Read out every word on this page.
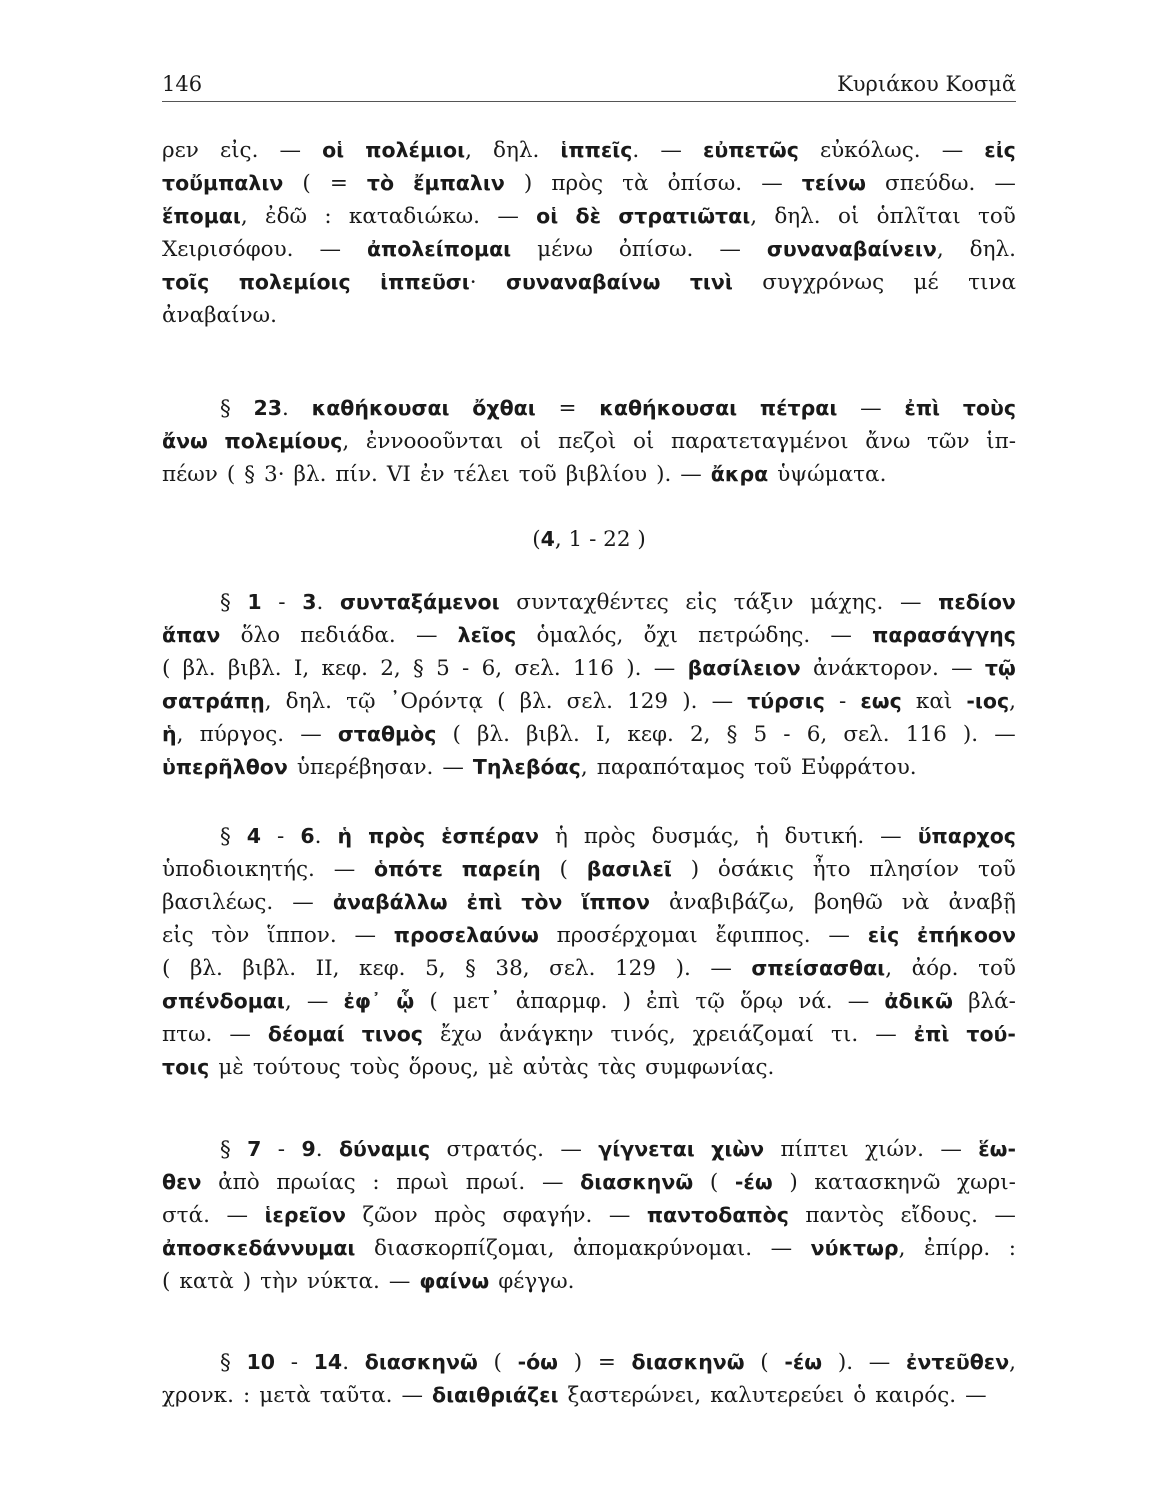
146	Κυριάκου Κοσμᾶ
ρεν εἰς. — οἱ πολέμιοι, δηλ. ἱππεῖς. — εὐπετῶς εὐκόλως. — εἰς
τοὔμπαλιν ( = τὸ ἔμπαλιν ) πρὸς τὰ ὀπίσω. — τείνω σπεύδω. —
ἕπομαι, ἐδῶ : καταδιώκω. — οἱ δὲ στρατιῶται, δηλ. οἱ ὁπλῖται τοῦ
Χειρισόφου. — ἀπολείπομαι μένω ὀπίσω. — συναναβαίνειν, δηλ.
τοῖς πολεμίοις ἱππεῦσι· συναναβαίνω τινὶ συγχρόνως μέ τινα
ἀναβαίνω.
§ 23. καθήκουσαι ὄχθαι = καθήκουσαι πέτραι — ἐπὶ τοὺς
ἄνω πολεμίους, ἐννοοοῦνται οἱ πεζοὶ οἱ παρατεταγμένοι ἄνω τῶν ἱπ-
πέων ( § 3· βλ. πίν. VI ἐν τέλει τοῦ βιβλίου ). — ἄκρα ὑψώματα.
( 4 , 1 - 22 )
§ 1 - 3. συνταξάμενοι συνταχθέντες εἰς τάξιν μάχης. — πεδίον
ἅπαν ὅλο πεδιάδα. — λεῖος ὁμαλός, ὄχι πετρώδης. — παρασάγγης
( βλ. βιβλ. I, κεφ. 2, § 5 - 6, σελ. 116 ). — βασίλειον ἀνάκτορον. — τῷ
σατράπῃ, δηλ. τῷ ᾿Ορόντᾳ ( βλ. σελ. 129 ). — τύρσις - εως καὶ -ιος,
ἡ, πύργος. — σταθμὸς ( βλ. βιβλ. I, κεφ. 2, § 5 - 6, σελ. 116 ). —
ὑπερῆλθον ὑπερέβησαν. — Τηλεβόας, παραπόταμος τοῦ Εὐφράτου.
§ 4 - 6. ἡ πρὸς ἑσπέραν ἡ πρὸς δυσμάς, ἡ δυτική. — ὕπαρχος
ὑποδιοικητής. — ὁπότε παρείη ( βασιλεῖ ) ὁσάκις ἦτο πλησίον τοῦ
βασιλέως. — ἀναβάλλω ἐπὶ τὸν ἵππον ἀναβιβάζω, βοηθῶ νὰ ἀναβῇ
εἰς τὸν ἵππον. — προσελαύνω προσέρχομαι ἔφιππος. — εἰς ἐπήκοον
( βλ. βιβλ. II, κεφ. 5, § 38, σελ. 129 ). — σπείσασθαι, ἀόρ. τοῦ
σπένδομαι, — ἐφ᾽ ᾧ ( μετ᾽ ἀπαρμφ. ) ἐπὶ τῷ ὅρῳ νά. — ἀδικῶ βλά-
πτω. — δέομαί τινος ἔχω ἀνάγκην τινός, χρειάζομαί τι. — ἐπὶ τού-
τοις μὲ τούτους τοὺς ὅρους, μὲ αὐτὰς τὰς συμφωνίας.
§ 7 - 9. δύναμις στρατός. — γίγνεται χιὼν πίπτει χιών. — ἕω-
θεν ἀπὸ πρωίας : πρωὶ πρωί. — διασκηνῶ ( -έω ) κατασκηνῶ χωρι-
στά. — ἱερεῖον ζῶον πρὸς σφαγήν. — παντοδαπὸς παντὸς εἴδους. —
ἀποσκεδάννυμαι διασκορπίζομαι, ἀπομακρύνομαι. — νύκτωρ, ἐπίρρ. :
( κατὰ ) τὴν νύκτα. — φαίνω φέγγω.
§ 10 - 14. διασκηνῶ ( -όω ) = διασκηνῶ ( -έω ). — ἐντεῦθεν,
χρονκ. : μετὰ ταῦτα. — διαιθριάζει ξαστερώνει, καλυτερεύει ὁ καιρός. —
